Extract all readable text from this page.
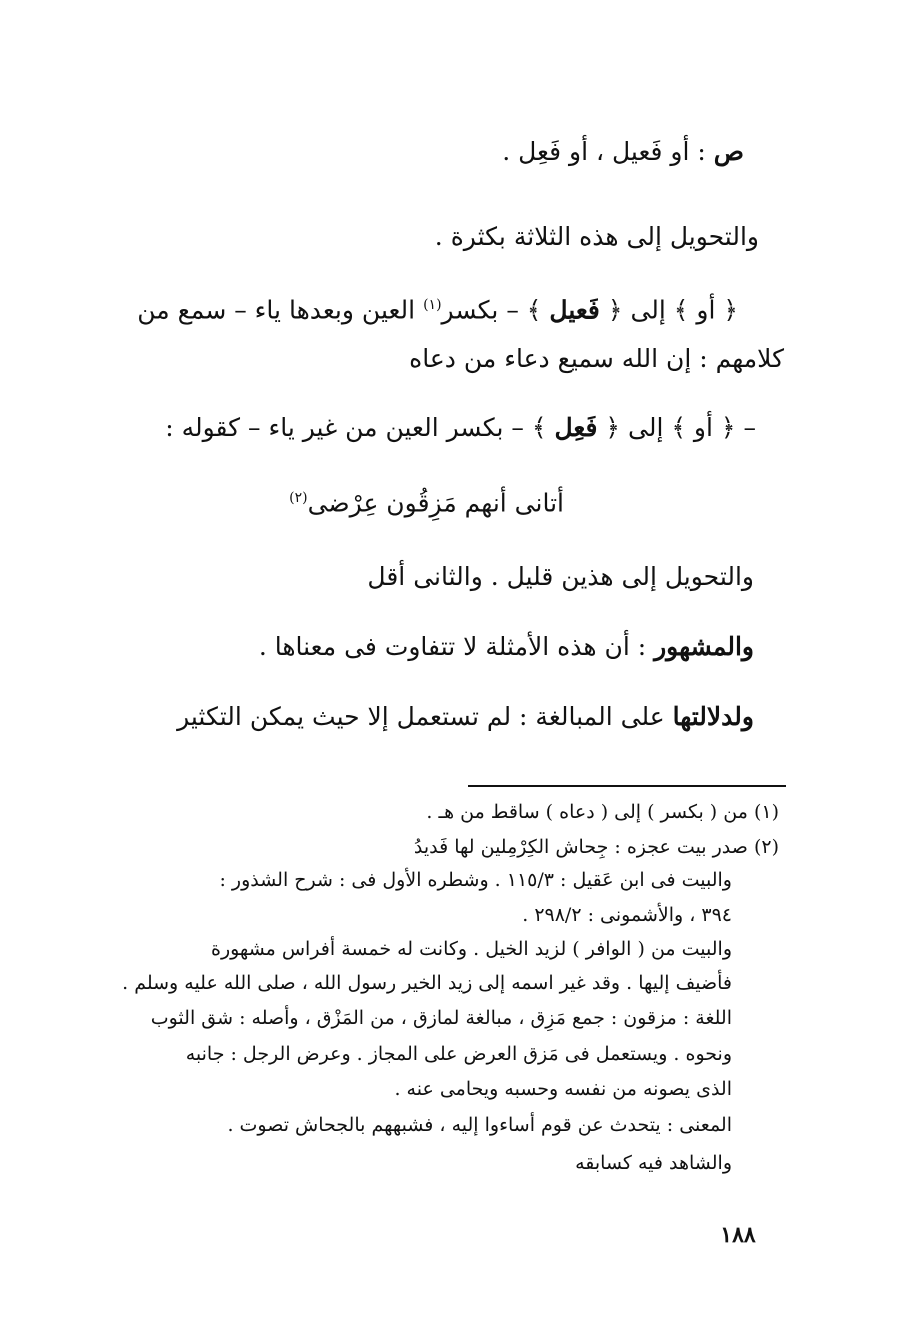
ص : أو فَعيل ، أو فَعِل .
والتحويل إلى هذه الثلاثة بكثرة .
﴿ أو ﴾ إلى ﴿ فَعيل ﴾ – بكسر$^{(١)}$ العين وبعدها ياء – سمع من
كلامهم : إن الله سميع دعاء من دعاه
– ﴿ أو ﴾ إلى ﴿ فَعِل ﴾ – بكسر العين من غير ياء – كقوله :
أتانى أنهم مَزِقُون عِرْضى$^{(٢)}$
والتحويل إلى هذين قليل . والثانى أقل
والمشهور : أن هذه الأمثلة لا تتفاوت فى معناها .
ولدلالتها على المبالغة : لم تستعمل إلا حيث يمكن التكثير
(١) من ( بكسر ) إلى ( دعاه ) ساقط من هـ .
(٢) صدر بيت عجزه : جِحاش الكِرْمِلين لها فَديدُ
والبيت فى ابن عَقيل : ١١٥/٣ . وشطره الأول فى : شرح الشذور :
٣٩٤ ، والأشمونى : ٢٩٨/٢ .
والبيت من ( الوافر ) لزيد الخيل . وكانت له خمسة أفراس مشهورة
فأضيف إليها . وقد غير اسمه إلى زيد الخير رسول الله ، صلى الله عليه وسلم .
اللغة : مزقون : جمع مَزِق ، مبالغة لمازق ، من المَزْق ، وأصله : شق الثوب
ونحوه . ويستعمل فى مَزق العرض على المجاز . وعرض الرجل : جانبه
الذى يصونه من نفسه وحسبه ويحامى عنه .
المعنى : يتحدث عن قوم أساءوا إليه ، فشبههم بالجحاش تصوت .
والشاهد فيه كسابقه
١٨٨
